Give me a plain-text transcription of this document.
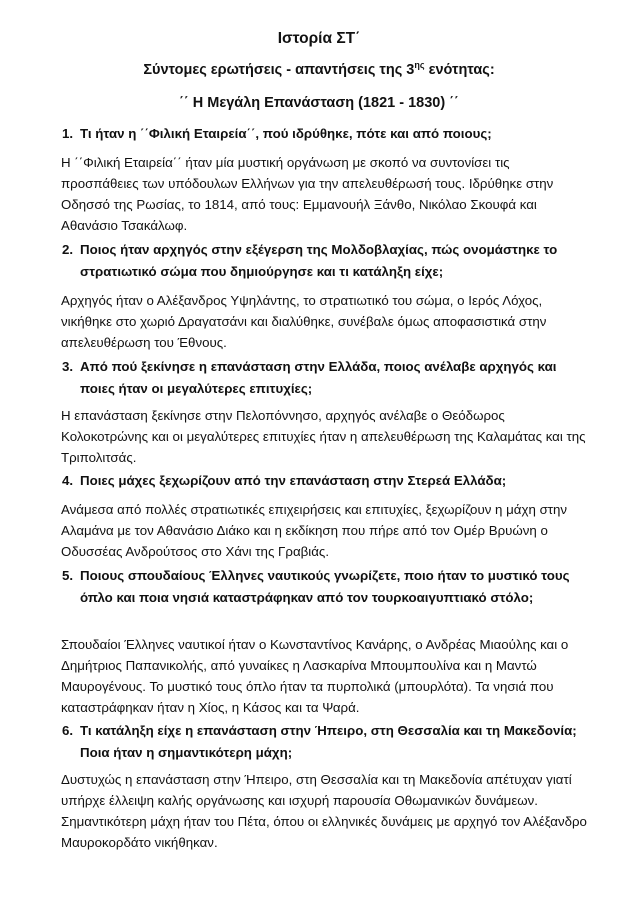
Ιστορία ΣΤ΄
Σύντομες ερωτήσεις - απαντήσεις της $3^{\eta\varsigma}$ ενότητας:
΄΄ Η Μεγάλη Επανάσταση (1821 - 1830) ΄΄
1. Τι ήταν η ΄΄Φιλική Εταιρεία΄΄, πού ιδρύθηκε, πότε και από ποιους;
Η ΄΄Φιλική Εταιρεία΄΄ ήταν μία μυστική οργάνωση με σκοπό να συντονίσει τις προσπάθειες των υπόδουλων Ελλήνων για την απελευθέρωσή τους. Ιδρύθηκε στην Οδησσό της Ρωσίας, το 1814, από τους: Εμμανουήλ Ξάνθο, Νικόλαο Σκουφά και Αθανάσιο Τσακάλωφ.
2. Ποιος ήταν αρχηγός στην εξέγερση της Μολδοβλαχίας, πώς ονομάστηκε το στρατιωτικό σώμα που δημιούργησε και τι κατάληξη είχε;
Αρχηγός ήταν ο Αλέξανδρος Υψηλάντης, το στρατιωτικό του σώμα, ο Ιερός Λόχος, νικήθηκε στο χωριό Δραγατσάνι και διαλύθηκε, συνέβαλε όμως αποφασιστικά στην απελευθέρωση του Έθνους.
3. Από πού ξεκίνησε η επανάσταση στην Ελλάδα, ποιος ανέλαβε αρχηγός και ποιες ήταν οι μεγαλύτερες επιτυχίες;
Η επανάσταση ξεκίνησε στην Πελοπόννησο, αρχηγός ανέλαβε ο Θεόδωρος Κολοκοτρώνης και οι μεγαλύτερες επιτυχίες ήταν η απελευθέρωση της Καλαμάτας και της Τριπολιτσάς.
4. Ποιες μάχες ξεχωρίζουν από την επανάσταση στην Στερεά Ελλάδα;
Ανάμεσα από πολλές στρατιωτικές επιχειρήσεις και επιτυχίες, ξεχωρίζουν η μάχη στην Αλαμάνα με τον Αθανάσιο Διάκο και η εκδίκηση που πήρε από τον Ομέρ Βρυώνη ο Οδυσσέας Ανδρούτσος στο Χάνι της Γραβιάς.
5. Ποιους σπουδαίους Έλληνες ναυτικούς γνωρίζετε, ποιο ήταν το μυστικό τους όπλο και ποια νησιά καταστράφηκαν από τον τουρκοαιγυπτιακό στόλο;
Σπουδαίοι Έλληνες ναυτικοί ήταν ο Κωνσταντίνος Κανάρης, ο Ανδρέας Μιαούλης και ο Δημήτριος Παπανικολής, από γυναίκες η Λασκαρίνα Μπουμπουλίνα και η Μαντώ Μαυρογένους. Το μυστικό τους όπλο ήταν τα πυρπολικά (μπουρλότα). Τα νησιά που καταστράφηκαν ήταν η Χίος, η Κάσος και τα Ψαρά.
6. Τι κατάληξη είχε η επανάσταση στην Ήπειρο, στη Θεσσαλία και τη Μακεδονία; Ποια ήταν η σημαντικότερη μάχη;
Δυστυχώς η επανάσταση στην Ήπειρο, στη Θεσσαλία και τη Μακεδονία απέτυχαν γιατί υπήρχε έλλειψη καλής οργάνωσης και ισχυρή παρουσία Οθωμανικών δυνάμεων. Σημαντικότερη μάχη ήταν του Πέτα, όπου οι ελληνικές δυνάμεις με αρχηγό τον Αλέξανδρο Μαυροκορδάτο νικήθηκαν.
